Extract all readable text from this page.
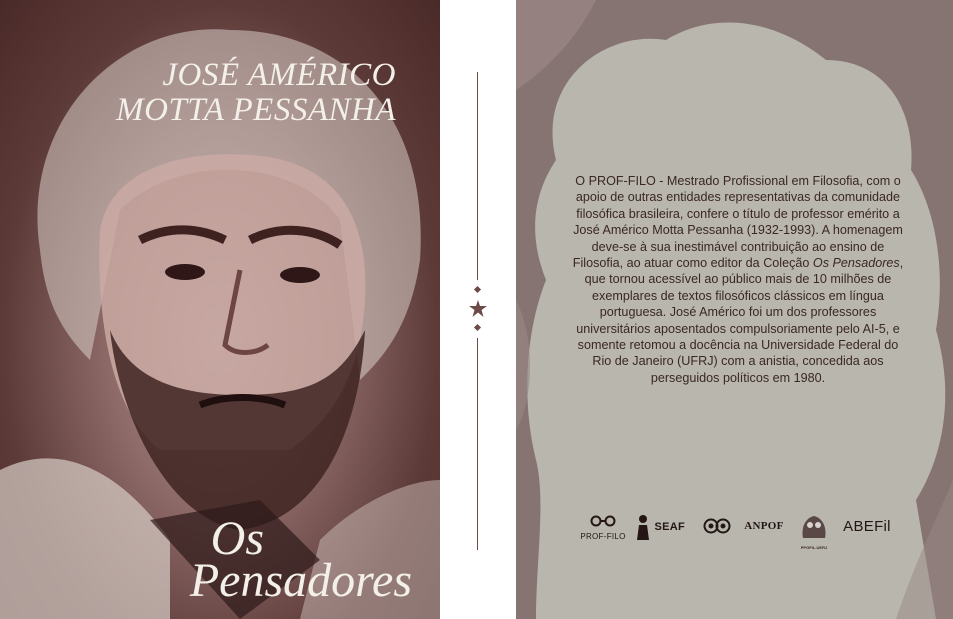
JOSÉ AMÉRICO
MOTTA PESSANHA
Os
Pensadores
O PROF-FILO - Mestrado Profissional em Filosofia, com o apoio de outras entidades representativas da comunidade filosófica brasileira, confere o título de professor emérito a José Américo Motta Pessanha (1932-1993). A homenagem deve-se à sua inestimável contribuição ao ensino de Filosofia, ao atuar como editor da Coleção Os Pensadores, que tornou acessível ao público mais de 10 milhões de exemplares de textos filosóficos clássicos em língua portuguesa. José Américo foi um dos professores universitários aposentados compulsoriamente pelo AI-5, e somente retomou a docência na Universidade Federal do Rio de Janeiro (UFRJ) com a anistia, concedida aos perseguidos políticos em 1980.
PROF-FILO
SEAF	ANPOF
PPGFIL-UERJ
ABEFil
